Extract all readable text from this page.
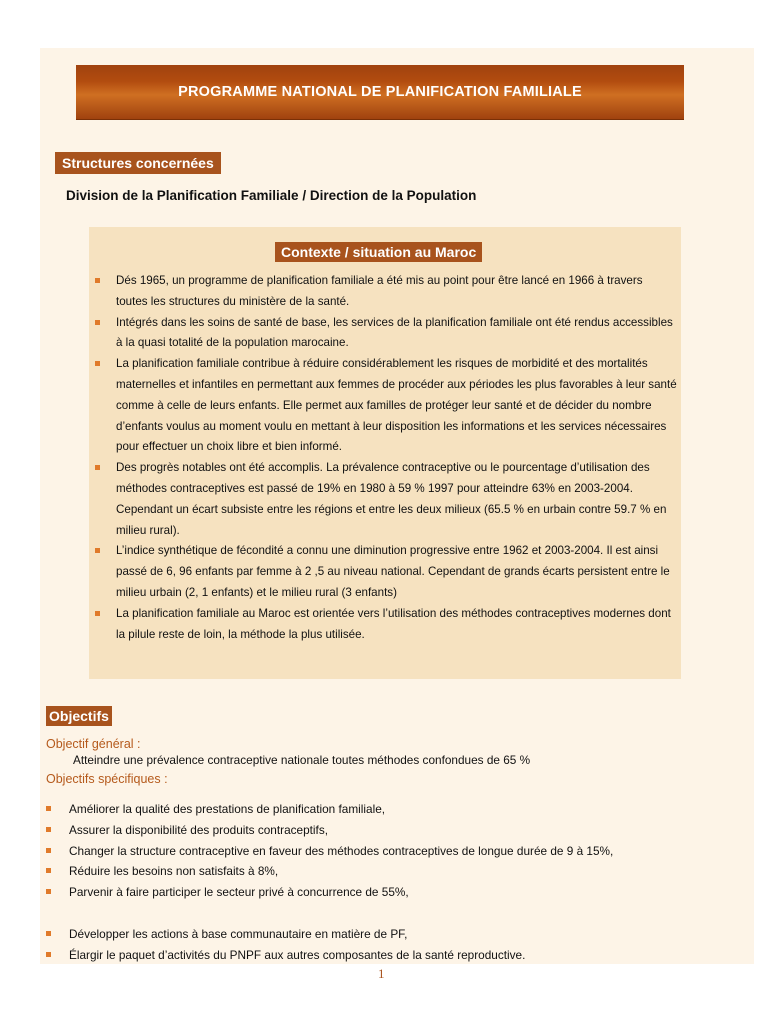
PROGRAMME NATIONAL DE PLANIFICATION FAMILIALE
Structures concernées
Division de la Planification Familiale / Direction de la Population
Contexte / situation au Maroc
Dés 1965, un programme de planification familiale a été mis au point pour être lancé en 1966 à travers toutes les structures du ministère de la santé.
Intégrés dans les soins de santé de base, les services de la planification familiale ont été rendus accessibles à la quasi totalité de la population marocaine.
La planification familiale contribue à réduire considérablement les risques de morbidité et des mortalités maternelles et infantiles en permettant aux femmes de procéder aux périodes les plus favorables à leur santé comme à celle de leurs enfants. Elle permet aux familles de protéger leur santé et de décider du nombre d’enfants voulus au moment voulu en mettant à leur disposition les informations et les services nécessaires pour effectuer un choix libre et bien informé.
Des progrès notables ont été accomplis. La prévalence contraceptive ou le pourcentage d’utilisation des méthodes contraceptives est passé de 19% en 1980 à 59 % 1997 pour atteindre 63% en 2003-2004. Cependant un écart subsiste entre les régions et entre les deux milieux (65.5 % en urbain contre 59.7 % en milieu rural).
L’indice synthétique de fécondité a connu une diminution progressive entre 1962 et 2003-2004. Il est ainsi passé de 6, 96 enfants par femme à 2 ,5 au niveau national. Cependant de grands écarts persistent entre le milieu urbain (2, 1 enfants) et le milieu rural (3 enfants)
La planification familiale au Maroc est orientée vers l’utilisation des méthodes contraceptives modernes dont la pilule reste de loin, la méthode la plus utilisée.
Objectifs
Objectif général :
Atteindre une prévalence contraceptive nationale toutes méthodes confondues de 65 %
Objectifs spécifiques :
Améliorer la qualité des prestations de planification familiale,
Assurer la disponibilité des produits contraceptifs,
Changer la structure contraceptive en faveur des méthodes contraceptives de longue durée de 9 à 15%,
Réduire les besoins non satisfaits à 8%,
Parvenir à faire participer le secteur privé à concurrence de 55%,
Développer les actions à base communautaire en matière de PF,
Élargir le paquet d’activités du PNPF aux autres composantes de la santé reproductive.
1
